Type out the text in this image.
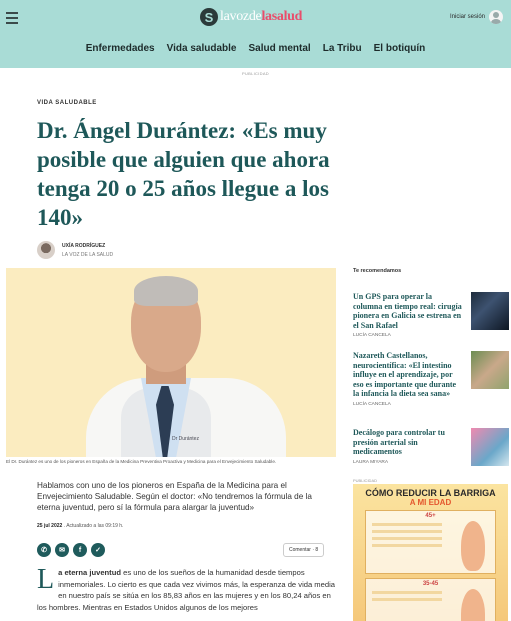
S lavozdelasalud	Iniciar sesión
Enfermedades Vida saludable Salud mental La Tribu El botiquín
PUBLICIDAD
VIDA SALUDABLE
Dr. Ángel Durántez: «Es muy posible que alguien que ahora tenga 20 o 25 años llegue a los 140»
UXÍA RODRÍGUEZ
LA VOZ DE LA SALUD
Dr Durántez
El Dr. Durántez es uno de los pioneros en España de la Medicina Preventiva Proactiva y Medicina para el Envejecimiento Saludable.

Hablamos con uno de los pioneros en España de la Medicina para el Envejecimiento Saludable. Según el doctor: «No tendremos la fórmula de la eterna juventud, pero sí la fórmula para alargar la juventud»

25 jul 2022 . Actualizado a las 09:19 h.
✆	✉	f	✓	Comentar · 8

La eterna juventud es uno de los sueños de la humanidad desde tiempos inmemoriales. Lo cierto es que cada vez vivimos más, la esperanza de vida media en nuestro país se sitúa en los 85,83 años en las mujeres y en los 80,24 años en los hombres. Mientras en Estados Unidos algunos de los mejores

Te recomendamos
Un GPS para operar la columna en tiempo real: cirugía pionera en Galicia se estrena en el San Rafael
LUCÍA CANCELA
Nazareth Castellanos, neurocientífica: «El intestino influye en el aprendizaje, por eso es importante que durante la infancia la dieta sea sana»
LUCÍA CANCELA
Decálogo para controlar tu presión arterial sin medicamentos
LAURA MIYARA
PUBLICIDAD
CÓMO REDUCIR LA BARRIGA
A MI EDAD
45+
35-45
